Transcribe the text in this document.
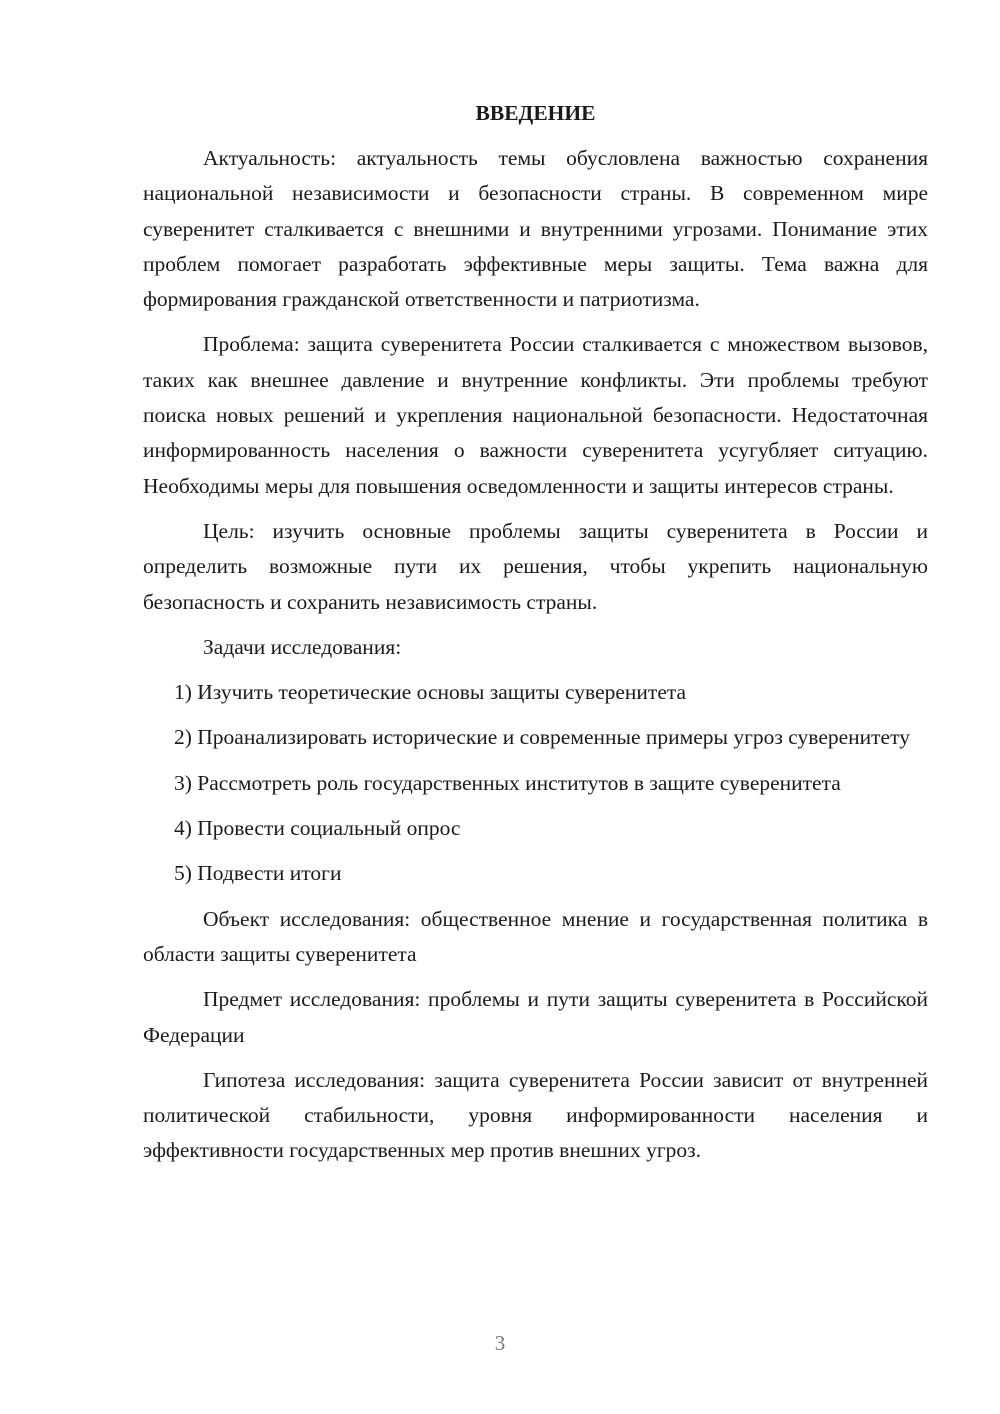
ВВЕДЕНИЕ

Актуальность: актуальность темы обусловлена важностью сохранения национальной независимости и безопасности страны. В современном мире суверенитет сталкивается с внешними и внутренними угрозами. Понимание этих проблем помогает разработать эффективные меры защиты. Тема важна для формирования гражданской ответственности и патриотизма.

Проблема: защита суверенитета России сталкивается с множеством вызовов, таких как внешнее давление и внутренние конфликты. Эти проблемы требуют поиска новых решений и укрепления национальной безопасности. Недостаточная информированность населения о важности суверенитета усугубляет ситуацию. Необходимы меры для повышения осведомленности и защиты интересов страны.

Цель: изучить основные проблемы защиты суверенитета в России и определить возможные пути их решения, чтобы укрепить национальную безопасность и сохранить независимость страны.

Задачи исследования:

1) Изучить теоретические основы защиты суверенитета

2) Проанализировать исторические и современные примеры угроз суверенитету

3) Рассмотреть роль государственных институтов в защите суверенитета

4) Провести социальный опрос

5) Подвести итоги

Объект исследования: общественное мнение и государственная политика в области защиты суверенитета

Предмет исследования: проблемы и пути защиты суверенитета в Российской Федерации

Гипотеза исследования: защита суверенитета России зависит от внутренней политической стабильности, уровня информированности населения и эффективности государственных мер против внешних угроз.

3
